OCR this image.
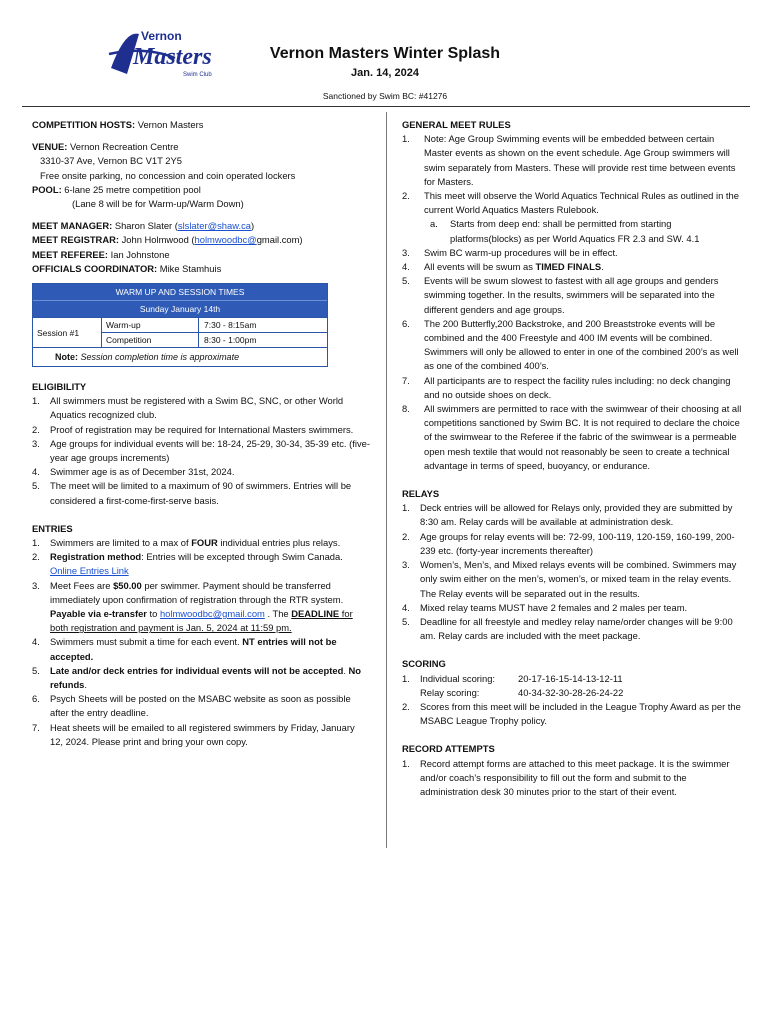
Vernon
Masters
Swim Club
Vernon Masters Winter Splash
Jan. 14, 2024
Sanctioned by Swim BC: #41276

COMPETITION HOSTS: Vernon Masters

VENUE: Vernon Recreation Centre

3310-37 Ave, Vernon BC V1T 2Y5

Free onsite parking, no concession and coin operated lockers

POOL: 6-lane 25 metre competition pool

(Lane 8 will be for Warm-up/Warm Down)

MEET MANAGER: Sharon Slater (slslater@shaw.ca)

MEET REGISTRAR: John Holmwood (holmwoodbc@gmail.com)

MEET REFEREE: Ian Johnstone

OFFICIALS COORDINATOR: Mike Stamhuis

WARM UP AND SESSION TIMES
Sunday January 14th
Session #1
Warm-up	7:30 - 8:15am
Competition	8:30 - 1:00pm
Note: Session completion time is approximate

ELIGIBILITY

1. All swimmers must be registered with a Swim BC, SNC, or other World Aquatics recognized club.
2. Proof of registration may be required for International Masters swimmers.
3. Age groups for individual events will be: 18-24, 25-29, 30-34, 35-39 etc. (five-year age groups increments)
4. Swimmer age is as of December 31st, 2024.
5. The meet will be limited to a maximum of 90 of swimmers. Entries will be considered a first-come-first-serve basis.

ENTRIES

1. Swimmers are limited to a max of FOUR individual entries plus relays.
2. Registration method: Entries will be excepted through Swim Canada. Online Entries Link
3. Meet Fees are $50.00 per swimmer. Payment should be transferred immediately upon confirmation of registration through the RTR system. Payable via e-transfer to holmwoodbc@gmail.com . The DEADLINE for both registration and payment is Jan. 5, 2024 at 11:59 pm.
4. Swimmers must submit a time for each event. NT entries will not be accepted.
5. Late and/or deck entries for individual events will not be accepted. No refunds.
6. Psych Sheets will be posted on the MSABC website as soon as possible after the entry deadline.
7. Heat sheets will be emailed to all registered swimmers by Friday, January 12, 2024. Please print and bring your own copy.

GENERAL MEET RULES

1. Note: Age Group Swimming events will be embedded between certain Master events as shown on the event schedule. Age Group swimmers will swim separately from Masters. These will provide rest time between events for Masters.
2. This meet will observe the World Aquatics Technical Rules as outlined in the current World Aquatics Masters Rulebook.
a. Starts from deep end: shall be permitted from starting platforms(blocks) as per World Aquatics FR 2.3 and SW. 4.1
3. Swim BC warm-up procedures will be in effect.
4. All events will be swum as TIMED FINALS.
5. Events will be swum slowest to fastest with all age groups and genders swimming together. In the results, swimmers will be separated into the different genders and age groups.
6. The 200 Butterfly,200 Backstroke, and 200 Breaststroke events will be combined and the 400 Freestyle and 400 IM events will be combined. Swimmers will only be allowed to enter in one of the combined 200’s as well as one of the combined 400’s.
7. All participants are to respect the facility rules including: no deck changing and no outside shoes on deck.
8. All swimmers are permitted to race with the swimwear of their choosing at all competitions sanctioned by Swim BC. It is not required to declare the choice of the swimwear to the Referee if the fabric of the swimwear is a permeable open mesh textile that would not reasonably be seen to create a technical advantage in terms of speed, buoyancy, or endurance.

RELAYS

1. Deck entries will be allowed for Relays only, provided they are submitted by 8:30 am. Relay cards will be available at administration desk.
2. Age groups for relay events will be: 72-99, 100-119, 120-159, 160-199, 200-239 etc. (forty-year increments thereafter)
3. Women’s, Men’s, and Mixed relays events will be combined. Swimmers may only swim either on the men’s, women’s, or mixed team in the relay events. The Relay events will be separated out in the results.
4. Mixed relay teams MUST have 2 females and 2 males per team.
5. Deadline for all freestyle and medley relay name/order changes will be 9:00 am. Relay cards are included with the meet package.

SCORING

1. Individual scoring: 20-17-16-15-14-13-12-11
Relay scoring:	40-34-32-30-28-26-24-22
2. Scores from this meet will be included in the League Trophy Award as per the MSABC League Trophy policy.

RECORD ATTEMPTS

1. Record attempt forms are attached to this meet package. It is the swimmer and/or coach’s responsibility to fill out the form and submit to the administration desk 30 minutes prior to the start of their event.
